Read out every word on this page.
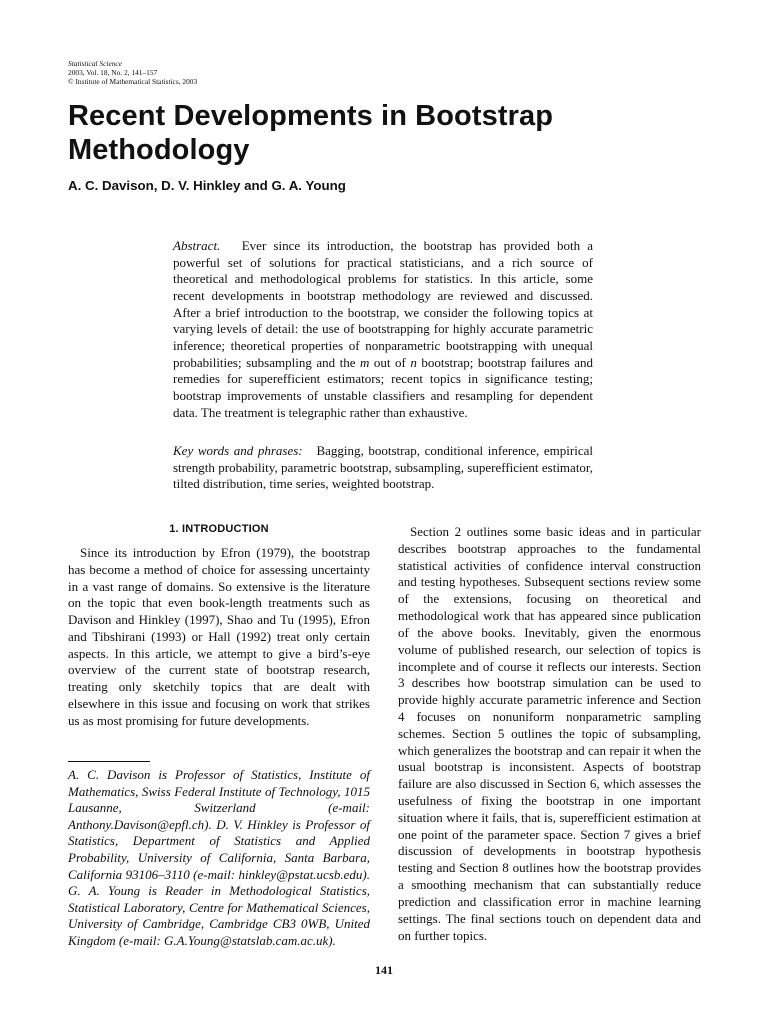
Statistical Science
2003, Vol. 18, No. 2, 141–157
© Institute of Mathematical Statistics, 2003
Recent Developments in Bootstrap Methodology
A. C. Davison, D. V. Hinkley and G. A. Young

Abstract. Ever since its introduction, the bootstrap has provided both a powerful set of solutions for practical statisticians, and a rich source of theoretical and methodological problems for statistics. In this article, some recent developments in bootstrap methodology are reviewed and discussed. After a brief introduction to the bootstrap, we consider the following topics at varying levels of detail: the use of bootstrapping for highly accurate parametric inference; theoretical properties of nonparametric bootstrapping with unequal probabilities; subsampling and the m out of n bootstrap; bootstrap failures and remedies for superefficient estimators; recent topics in significance testing; bootstrap improvements of unstable classifiers and resampling for dependent data. The treatment is telegraphic rather than exhaustive.

Key words and phrases: Bagging, bootstrap, conditional inference, empirical strength probability, parametric bootstrap, subsampling, superefficient estimator, tilted distribution, time series, weighted bootstrap.

1. INTRODUCTION

Since its introduction by Efron (1979), the bootstrap has become a method of choice for assessing uncertainty in a vast range of domains. So extensive is the literature on the topic that even book-length treatments such as Davison and Hinkley (1997), Shao and Tu (1995), Efron and Tibshirani (1993) or Hall (1992) treat only certain aspects. In this article, we attempt to give a bird’s-eye overview of the current state of bootstrap research, treating only sketchily topics that are dealt with elsewhere in this issue and focusing on work that strikes us as most promising for future developments.

A. C. Davison is Professor of Statistics, Institute of Mathematics, Swiss Federal Institute of Technology, 1015 Lausanne, Switzerland (e-mail: Anthony.Davison@epfl.ch). D. V. Hinkley is Professor of Statistics, Department of Statistics and Applied Probability, University of California, Santa Barbara, California 93106–3110 (e-mail: hinkley@pstat.ucsb.edu). G. A. Young is Reader in Methodological Statistics, Statistical Laboratory, Centre for Mathematical Sciences, University of Cambridge, Cambridge CB3 0WB, United Kingdom (e-mail: G.A.Young@statslab.cam.ac.uk).

Section 2 outlines some basic ideas and in particular describes bootstrap approaches to the fundamental statistical activities of confidence interval construction and testing hypotheses. Subsequent sections review some of the extensions, focusing on theoretical and methodological work that has appeared since publication of the above books. Inevitably, given the enormous volume of published research, our selection of topics is incomplete and of course it reflects our interests. Section 3 describes how bootstrap simulation can be used to provide highly accurate parametric inference and Section 4 focuses on nonuniform nonparametric sampling schemes. Section 5 outlines the topic of subsampling, which generalizes the bootstrap and can repair it when the usual bootstrap is inconsistent. Aspects of bootstrap failure are also discussed in Section 6, which assesses the usefulness of fixing the bootstrap in one important situation where it fails, that is, superefficient estimation at one point of the parameter space. Section 7 gives a brief discussion of developments in bootstrap hypothesis testing and Section 8 outlines how the bootstrap provides a smoothing mechanism that can substantially reduce prediction and classification error in machine learning settings. The final sections touch on dependent data and on further topics.

141
